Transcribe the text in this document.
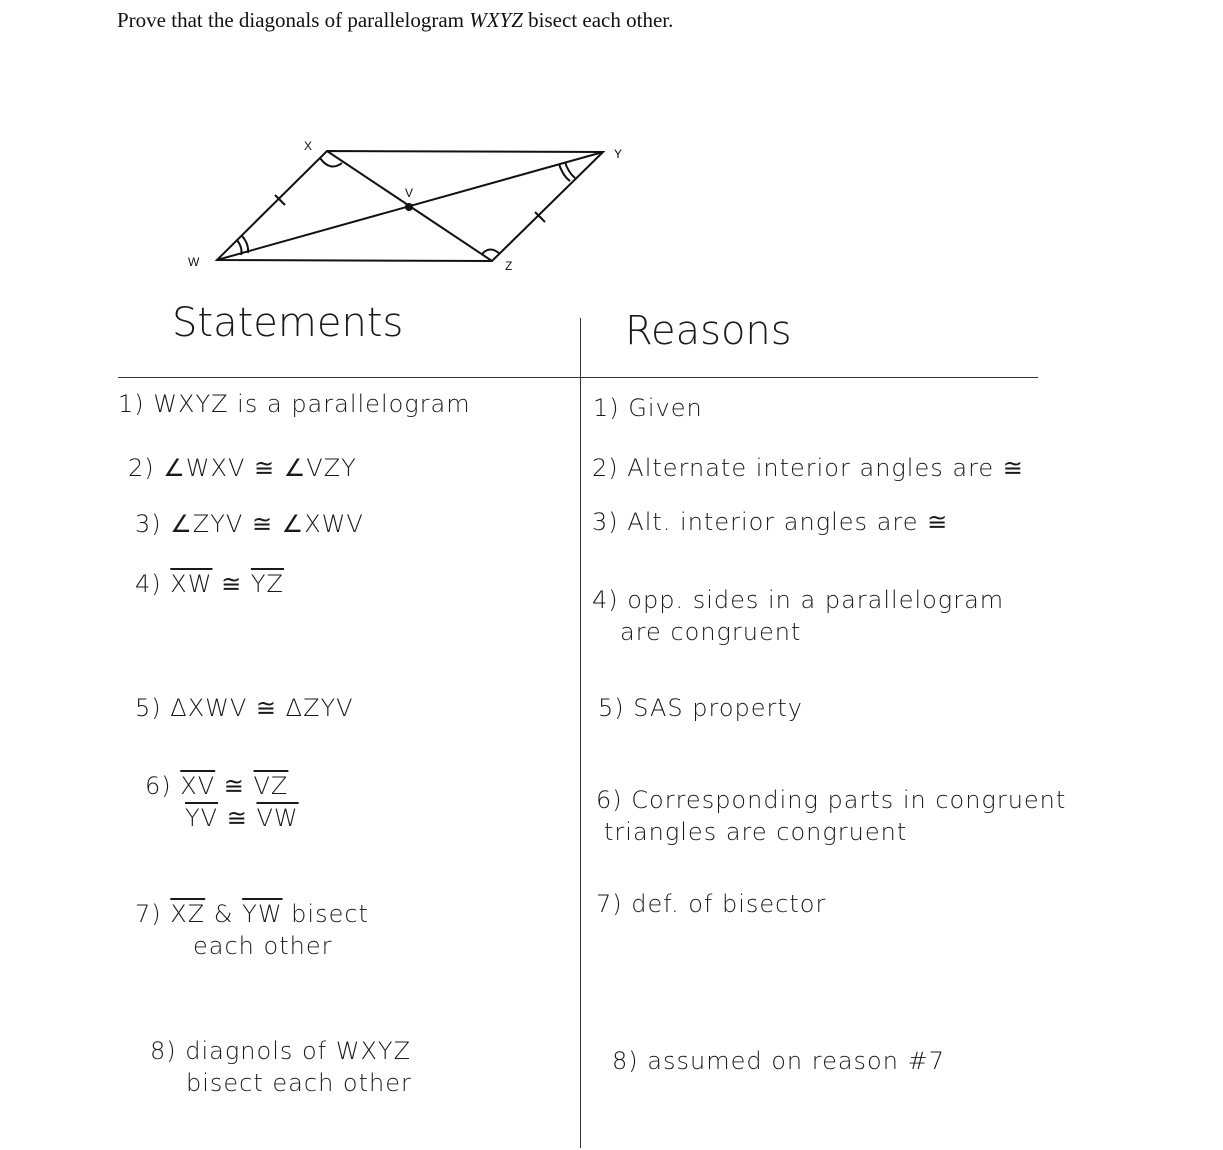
Prove that the diagonals of parallelogram WXYZ bisect each other.
X
Y
V
W	Z
Statements	Reasons
1) WXYZ is a parallelogram
2) ∠WXV ≅ ∠VZY
3) ∠ZYV ≅ ∠XWV
4) $\overline{XW}$ ≅ $\overline{YZ}$
5) ΔXWV ≅ ΔZYV
6) $\overline{XV}$ ≅ $\overline{VZ}$
$\overline{YV}$ ≅ $\overline{VW}$
7) $\overline{XZ}$ & $\overline{YW}$ bisect
each other
8) diagnols of WXYZ
bisect each other
1) Given
2) Alternate interior angles are ≅
3) Alt. interior angles are ≅
4) opp. sides in a parallelogram
are congruent
5) SAS property
6) Corresponding parts in congruent
triangles are congruent
7) def. of bisector
8) assumed on reason #7
